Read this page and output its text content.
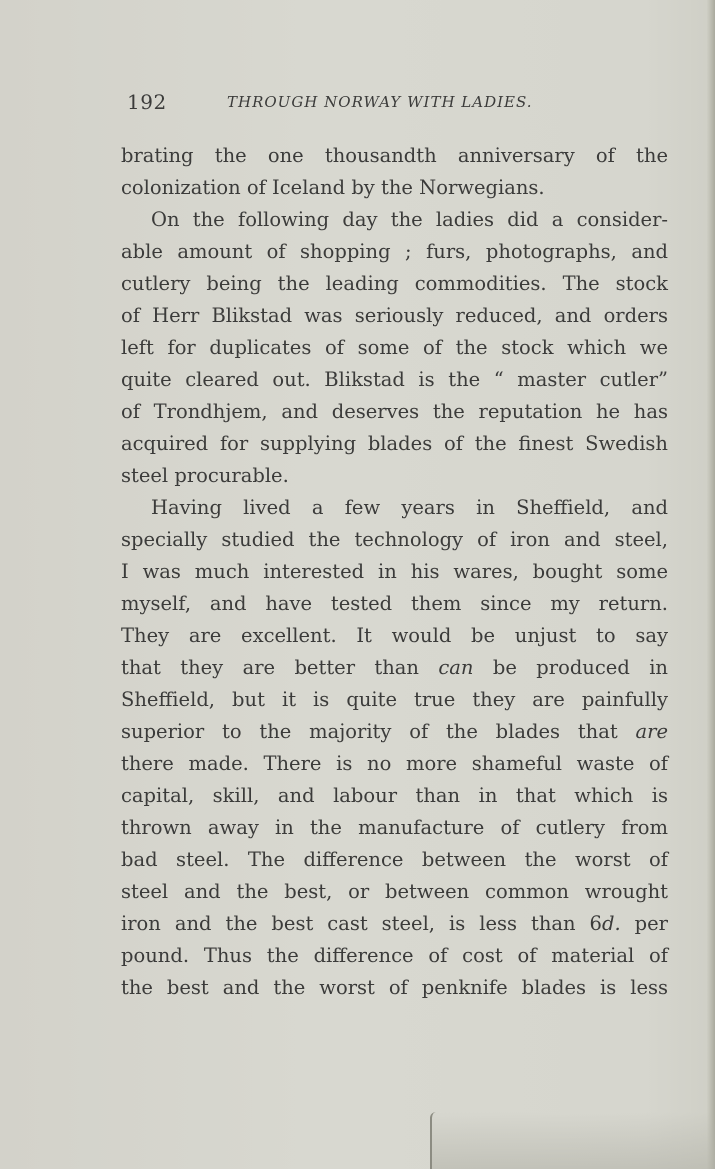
192	THROUGH NORWAY WITH LADIES.
brating the one thousandth anniversary of the
colonization of Iceland by the Norwegians.
On the following day the ladies did a consider-
able amount of shopping ; furs, photographs, and
cutlery being the leading commodities. The stock
of Herr Blikstad was seriously reduced, and orders
left for duplicates of some of the stock which we
quite cleared out. Blikstad is the “ master cutler”
of Trondhjem, and deserves the reputation he has
acquired for supplying blades of the finest Swedish
steel procurable.
Having lived a few years in Sheffield, and
specially studied the technology of iron and steel,
I was much interested in his wares, bought some
myself, and have tested them since my return.
They are excellent. It would be unjust to say
that they are better than can be produced in
Sheffield, but it is quite true they are painfully
superior to the majority of the blades that are
there made. There is no more shameful waste of
capital, skill, and labour than in that which is
thrown away in the manufacture of cutlery from
bad steel. The difference between the worst of
steel and the best, or between common wrought
iron and the best cast steel, is less than 6d. per
pound. Thus the difference of cost of material of
the best and the worst of penknife blades is less
